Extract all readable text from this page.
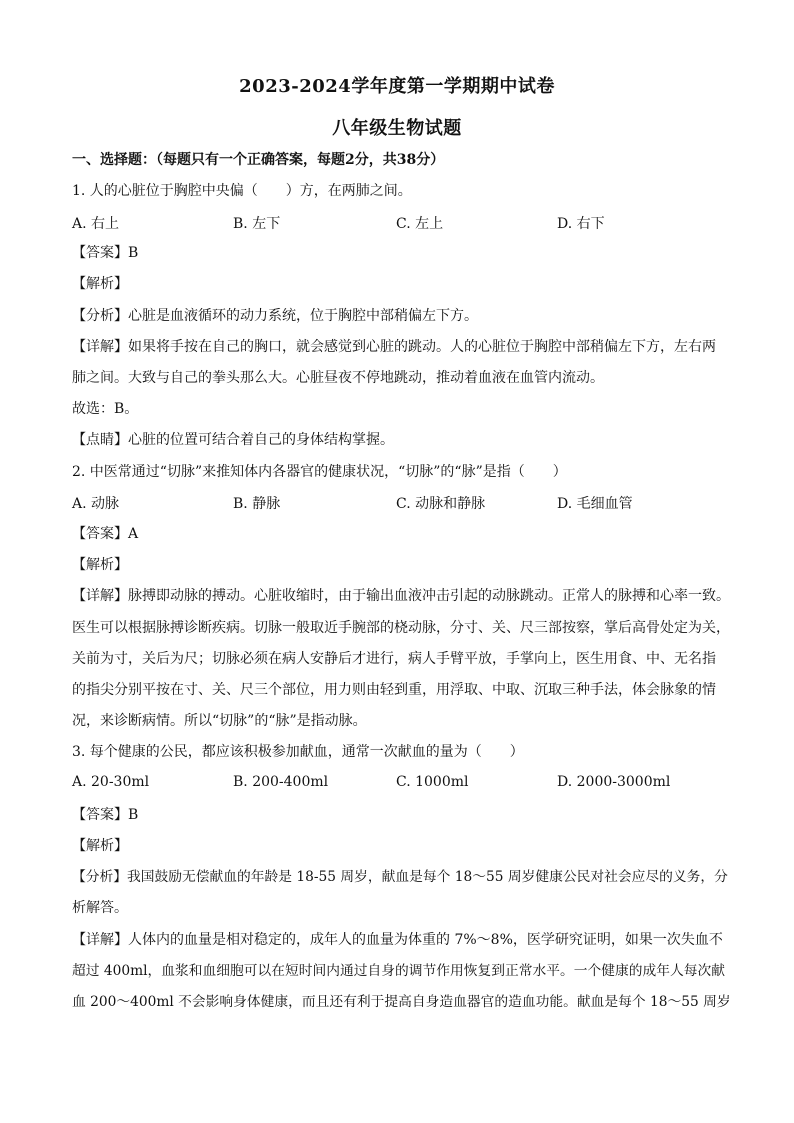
2023-2024学年度第一学期期中试卷
八年级生物试题
一、选择题：（每题只有一个正确答案，每题2分，共38分）
1. 人的心脏位于胸腔中央偏（　　）方，在两肺之间。
A. 右上	B. 左下	C. 左上	D. 右下
【答案】B
【解析】
【分析】心脏是血液循环的动力系统，位于胸腔中部稍偏左下方。
【详解】如果将手按在自己的胸口，就会感觉到心脏的跳动。人的心脏位于胸腔中部稍偏左下方，左右两
肺之间。大致与自己的拳头那么大。心脏昼夜不停地跳动，推动着血液在血管内流动。
故选：B。
【点睛】心脏的位置可结合着自己的身体结构掌握。
2. 中医常通过“切脉”来推知体内各器官的健康状况，“切脉”的“脉”是指（　　）
A. 动脉	B. 静脉	C. 动脉和静脉	D. 毛细血管
【答案】A
【解析】
【详解】脉搏即动脉的搏动。心脏收缩时，由于输出血液冲击引起的动脉跳动。正常人的脉搏和心率一致。
医生可以根据脉搏诊断疾病。切脉一般取近手腕部的桡动脉，分寸、关、尺三部按察，掌后高骨处定为关，
关前为寸，关后为尺；切脉必须在病人安静后才进行，病人手臂平放，手掌向上，医生用食、中、无名指
的指尖分别平按在寸、关、尺三个部位，用力则由轻到重，用浮取、中取、沉取三种手法，体会脉象的情
况，来诊断病情。所以“切脉”的“脉”是指动脉。
3. 每个健康的公民，都应该积极参加献血，通常一次献血的量为（　　）
A. 20-30ml	B. 200-400ml	C. 1000ml	D. 2000-3000ml
【答案】B
【解析】
【分析】我国鼓励无偿献血的年龄是 18-55 周岁，献血是每个 18～55 周岁健康公民对社会应尽的义务，分
析解答。
【详解】人体内的血量是相对稳定的，成年人的血量为体重的 7%～8%，医学研究证明，如果一次失血不
超过 400ml，血浆和血细胞可以在短时间内通过自身的调节作用恢复到正常水平。一个健康的成年人每次献
血 200～400ml 不会影响身体健康，而且还有利于提高自身造血器官的造血功能。献血是每个 18～55 周岁
